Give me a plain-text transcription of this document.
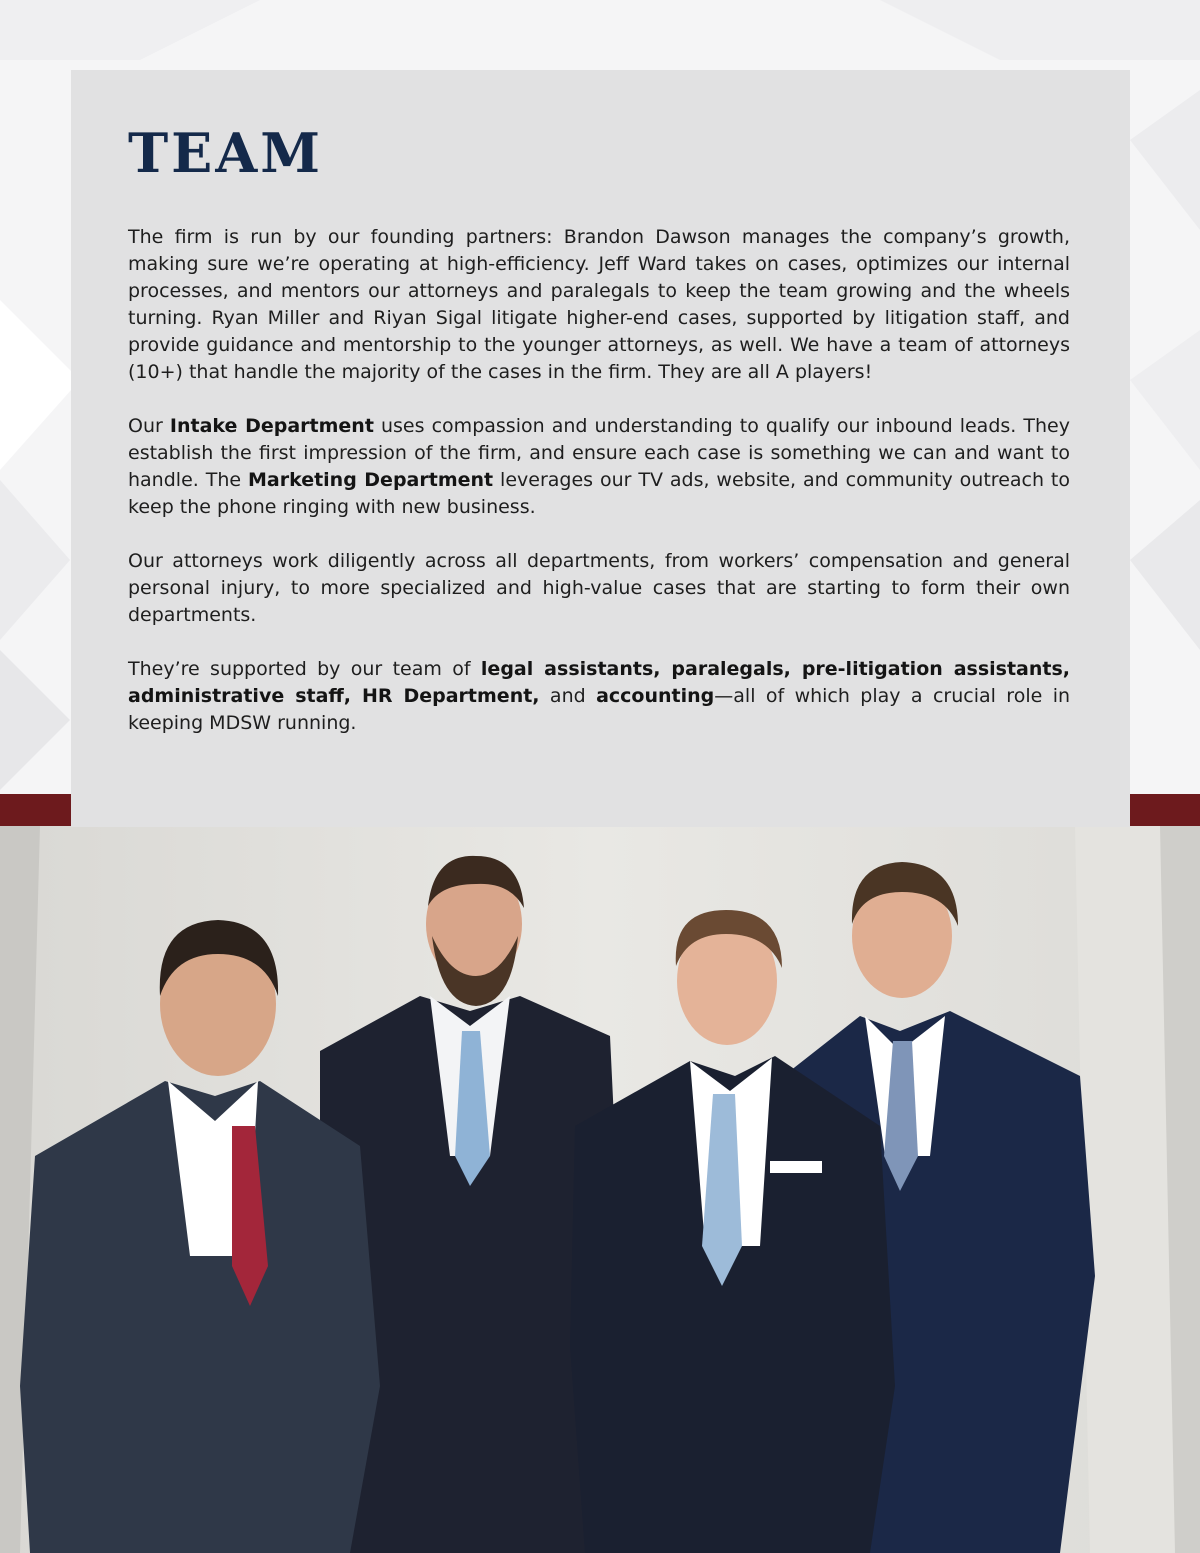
TEAM

The firm is run by our founding partners: Brandon Dawson manages the company’s growth, making sure we’re operating at high-efficiency. Jeff Ward takes on cases, optimizes our internal processes, and mentors our attorneys and paralegals to keep the team growing and the wheels turning. Ryan Miller and Riyan Sigal litigate higher-end cases, supported by litigation staff, and provide guidance and mentorship to the younger attorneys, as well. We have a team of attorneys (10+) that handle the majority of the cases in the firm. They are all A players!

Our Intake Department uses compassion and understanding to qualify our inbound leads. They establish the first impression of the firm, and ensure each case is something we can and want to handle. The Marketing Department leverages our TV ads, website, and community outreach to keep the phone ringing with new business.

Our attorneys work diligently across all departments, from workers’ compensation and general personal injury, to more specialized and high-value cases that are starting to form their own departments.

They’re supported by our team of legal assistants, paralegals, pre-litigation assistants, administrative staff, HR Department, and accounting—all of which play a crucial role in keeping MDSW running.
